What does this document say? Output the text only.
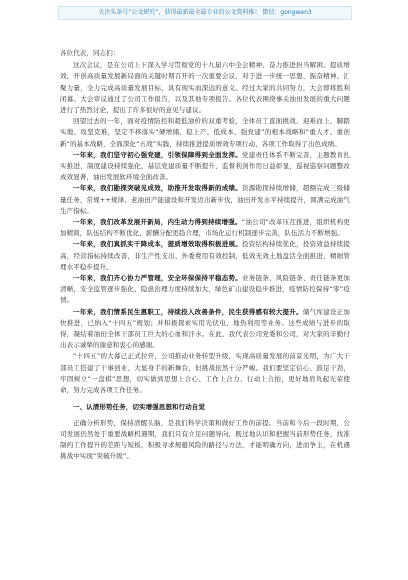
关注头条号“公文研究”，获得最新最全最专业的公文资料推！ 微信：gongwen3

各位代表，同志们：

这次会议，是在公司上下深入学习贯彻党的十九届六中全会精神、奋力推进担当解困、提质增效，开创高质量发展新局面的关键时期召开的一次重要会议，对于进一步统一思想、振奋精神、汇聚力量，全力完成高质量发展目标，具有现实而深远的意义。经过大家的共同努力，大会即将胜利闭幕。大会审议通过了公司工作报告，以及其他专项报告。各位代表围绕事关油田发展的重大问题进行了热烈讨论，提出了许多很好的意见与建议。

回望过去的一年，面对疫情防控和超低油价的双重考验，全体员工直面挑战、迎难而上，脚踏实地、攻坚克难，坚定不移落实“硬增储、稳上产、低成本、强党建”的根本战略和“重人才、重创新”的基本战略，全面深化“五战”实践，持续推进提质增效专项行动，各项工作取得了出色成绩。

一年来，我们坚守初心强党建，引领保障得到全面发挥。党建责任体系不断完善，主题教育扎实推进，制度建设持续强化，基层党建质量不断提升，监督利剑作用日益彰显，巡视巡察问题整改成效显著，油田发展软环境全面改善。

一年来，我们勘探突破见成效，助推开发取得新的成绩。资源勘探持续增储，超额完成三级储量任务，常规++规律、老油田产能建设和开发迈出新步伐，油田开发水平持续提升，圆满完成油气生产指标。

一年来，我们改革发展开新局，内生动力得到持续增强。“油公司”改革压茬推进，组织机构更加精简，队伍结构不断优化，薪酬分配更趋合理，市场化运行机制逐步完善，队伍活力不断增强。

一年来，我们真抓实干降成本，提质增效取得积极进展。投资结构持续优化，投资效益持续提高，经营指标持续改善，非生产性支出、外委费用有效控制，低效无效土地盘活全面推进，精细管理水平稳步提升。

一年来，我们齐心协力严管理，安全环保保持平稳态势。业务链条、风险链条、责任链条更加清晰，安全监管逐步强化，隐患治理力度持续加大，绿色矿山建设稳步推进，疫情防控保持“零”疫情。

一年来，我们情系民生惠职工，持续投入改善条件，民生获得感有较大提升。储气库建设正加快推进，已纳入“十四五”规划；并积极探索实用光伏电、地热利用等业务。这些成绩与进步的取得，凝结着油田全体干部员工巨大的心血和汗水。在此，我代表公司党委和公司，对大家的辛勤付出表示诚挚的谢意和衷心的感谢。

“十四五”的大幕已正式拉开，公司推动业务转型升级，实现高质量发展的前景光明，为广大干部员工搭建了干事创业、大显身手的新舞台，但挑战依然十分严峻。我们要坚定信心、鼓足干劲，牢固树立“一盘棋”思想，切实做到思想上合心、工作上合力、行动上合拍，更好地肩负起光荣使命，努力完成各项工作任务。

一、认清形势任务，切实增强思想和行动自觉

正确分析形势，保持清醒头脑，是我们科学决策和做好工作的前提。当前和今后一段时期，公司发展仍然处于重要战略机遇期，我们只有立足问题导向，既过地认识和把握当前形势任务，找准制约工作提升的差距与短板，积极寻求规避风险的路径与方法，才能明确方向，进而争主，在机遇挑战中实现“突破升级”。
